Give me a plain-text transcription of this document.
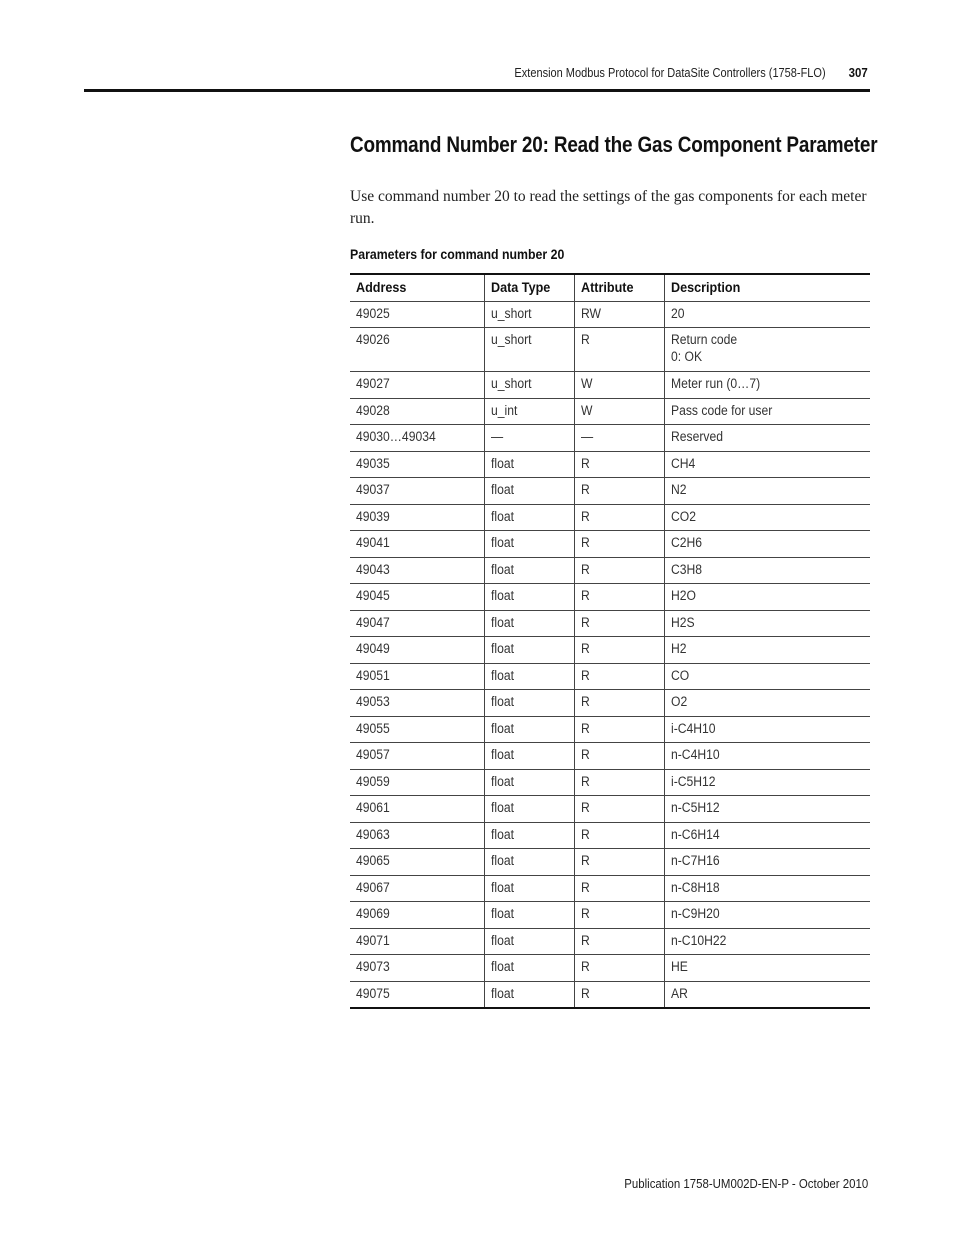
Extension Modbus Protocol for DataSite Controllers (1758-FLO) 307
Command Number 20: Read the Gas Component Parameter

Use command number 20 to read the settings of the gas components for each meter run.

Parameters for command number 20
Address	Data Type	Attribute	Description
49025	u_short	RW	20
49026	u_short	R	Return code
0: OK

49027	u_short	W	Meter run (0…7)
49028	u_int	W	Pass code for user
49030…49034	—	—	Reserved
49035	float	R	CH4
49037	float	R	N2
49039	float	R	CO2
49041	float	R	C2H6
49043	float	R	C3H8
49045	float	R	H2O
49047	float	R	H2S
49049	float	R	H2
49051	float	R	CO
49053	float	R	O2
49055	float	R	i-C4H10
49057	float	R	n-C4H10
49059	float	R	i-C5H12
49061	float	R	n-C5H12
49063	float	R	n-C6H14
49065	float	R	n-C7H16
49067	float	R	n-C8H18
49069	float	R	n-C9H20
49071	float	R	n-C10H22
49073	float	R	HE
49075	float	R	AR
Publication 1758-UM002D-EN-P - October 2010
